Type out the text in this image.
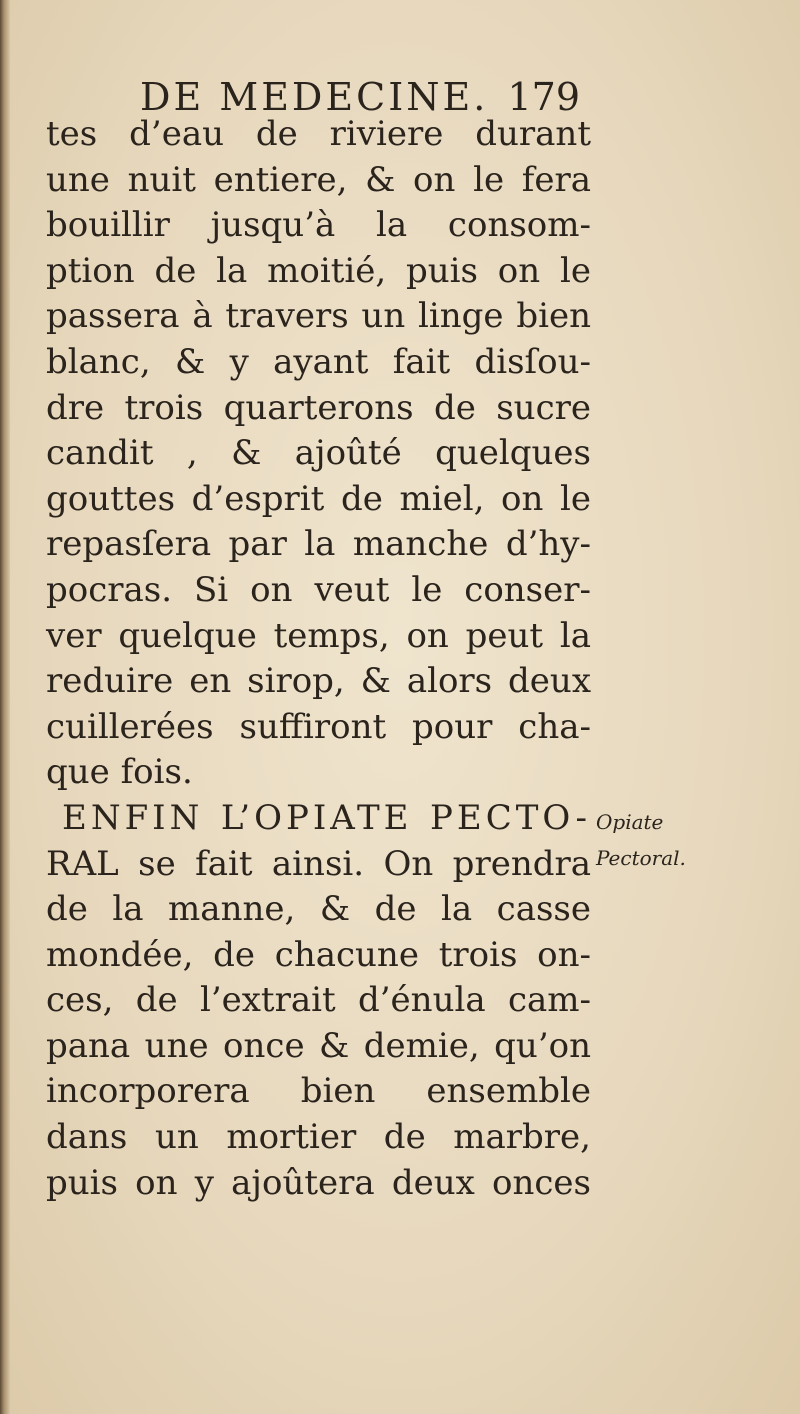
DE MEDECINE. 179
tes d’eau de riviere durant
une nuit entiere, & on le fera
bouillir jusqu’à la consom-
ption de la moitié, puis on le
passera à travers un linge bien
blanc, & y ayant fait disſou-
dre trois quarterons de sucre
candit , & ajoûté quelques
gouttes d’esprit de miel, on le
repasſera par la manche d’hy-
pocras. Si on veut le conser-
ver quelque temps, on peut la
reduire en sirop, & alors deux
cuillerées suffiront pour cha-
que fois.
ENFIN L’OPIATE PECTO-
RAL se fait ainsi. On prendra
de la manne, & de la casse
mondée, de chacune trois on-
ces, de l’extrait d’énula cam-
pana une once & demie, qu’on
incorporera bien ensemble
dans un mortier de marbre,
puis on y ajoûtera deux onces
Opiate
Pectoral.
